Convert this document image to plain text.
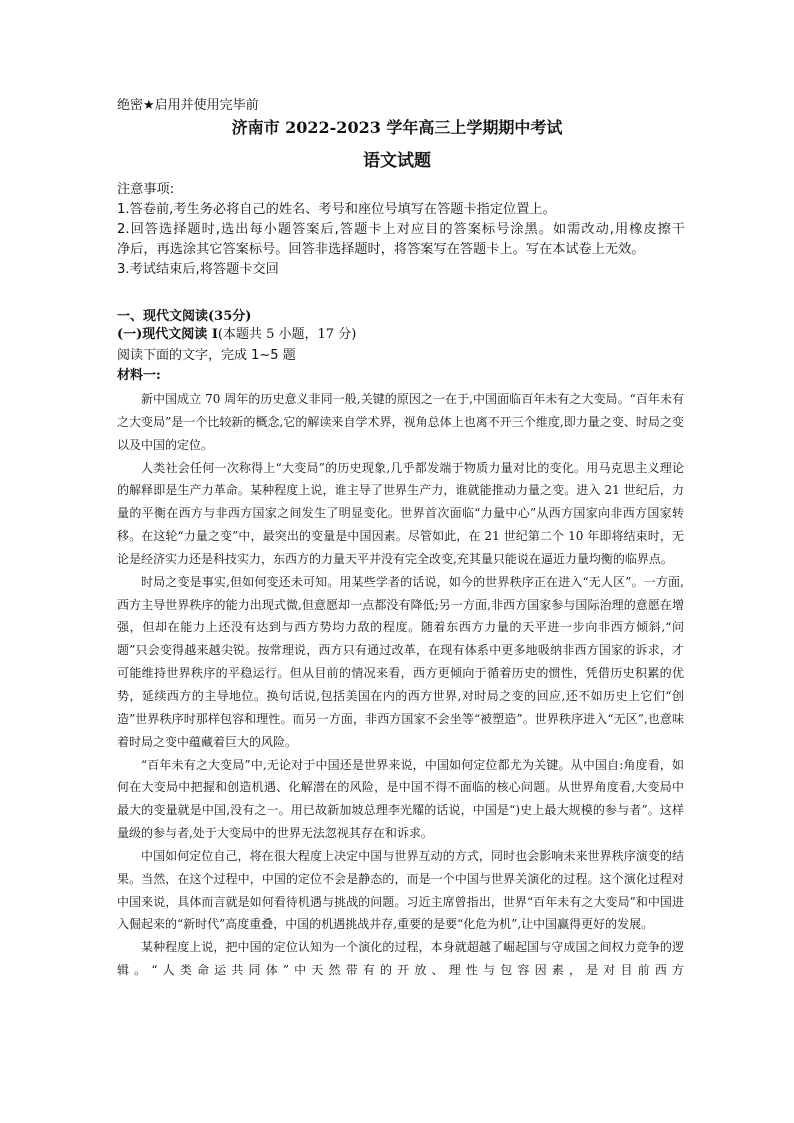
绝密★启用并使用完毕前
济南市 2022-2023 学年高三上学期期中考试
语文试题

注意事项:

1.答卷前,考生务必将自己的姓名、考号和座位号填写在答题卡指定位置上。

2.回答选择题时,选出每小题答案后,答题卡上对应目的答案标号涂黑。如需改动,用橡皮擦干

净后，再选涂其它答案标号。回答非选择题时，将答案写在答题卡上。写在本试卷上无效。

3.考试结束后,将答题卡交回

一、现代文阅读(35分)
(一)现代文阅读 I(本题共 5 小题，17 分)
阅读下面的文字，完成 1~5 题
材料一:

新中国成立 70 周年的历史意义非同一般,关键的原因之一在于,中国面临百年未有之大变局。“百年未有之大变局”是一个比较新的概念,它的解读来自学术界，视角总体上也离不开三个维度,即力量之变、时局之变以及中国的定位。

人类社会任何一次称得上“大变局”的历史现象,几乎都发端于物质力量对比的变化。用马克思主义理论的解释即是生产力革命。某种程度上说，谁主导了世界生产力，谁就能推动力量之变。进入 21 世纪后，力量的平衡在西方与非西方国家之间发生了明显变化。世界首次面临“力量中心”从西方国家向非西方国家转移。在这轮“力量之变”中，最突出的变量是中国因素。尽管如此，在 21 世纪第二个 10 年即将结束时，无论是经济实力还是科技实力，东西方的力量天平并没有完全改变,充其量只能说在逼近力量均衡的临界点。

时局之变是事实,但如何变还未可知。用某些学者的话说，如今的世界秩序正在进入“无人区”。一方面,西方主导世界秩序的能力出现式微,但意愿却一点都没有降低;另一方面,非西方国家参与国际治理的意愿在增强，但却在能力上还没有达到与西方势均力敌的程度。随着东西方力量的天平进一步向非西方倾斜,“问题”只会变得越来越尖锐。按常理说，西方只有通过改革，在现有体系中更多地吸纳非西方国家的诉求，才可能维持世界秩序的平稳运行。但从目前的情况来看，西方更倾向于循着历史的惯性，凭借历史积累的优势，延续西方的主导地位。换句话说,包括美国在内的西方世界,对时局之变的回应,还不如历史上它们“创造”世界秩序时那样包容和理性。而另一方面，非西方国家不会坐等“被塑造”。世界秩序进入“无区”,也意味着时局之变中蕴藏着巨大的风险。

“百年未有之大变局”中,无论对于中国还是世界来说，中国如何定位都尤为关键。从中国自:角度看，如何在大变局中把握和创造机遇、化解潜在的风险，是中国不得不面临的核心问题。从世界角度看,大变局中最大的变量就是中国,没有之一。用已故新加坡总理李光耀的话说，中国是“)史上最大规模的参与者”。这样量级的参与者,处于大变局中的世界无法忽视其存在和诉求。

中国如何定位自己，将在很大程度上决定中国与世界互动的方式，同时也会影响未来世界秩序演变的结果。当然，在这个过程中，中国的定位不会是静态的，而是一个中国与世界关演化的过程。这个演化过程对中国来说，具体而言就是如何看待机遇与挑战的问题。习近主席曾指出，世界“百年未有之大变局”和中国进入倔起来的“新时代”高度重叠，中国的机遇挑战并存,重要的是要“化危为机”,让中国赢得更好的发展。

某种程度上说，把中国的定位认知为一个演化的过程，本身就超越了崛起国与守成国之间权力竞争的逻辑。“人类命运共同体”中天然带有的开放、理性与包容因素，是对目前西方
